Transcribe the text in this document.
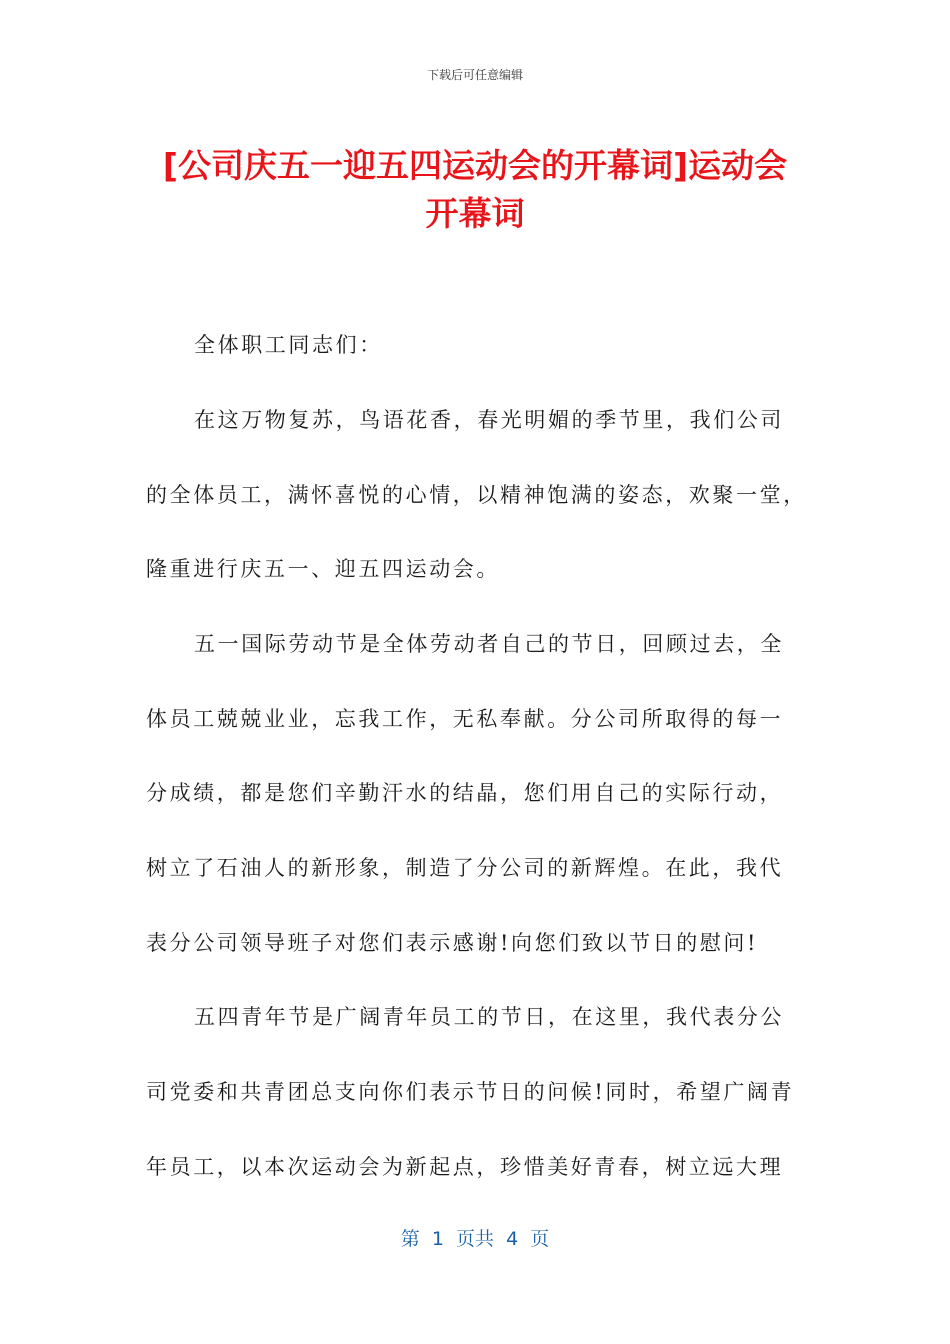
下载后可任意编辑
[公司庆五一迎五四运动会的开幕词]运动会
开幕词
全体职工同志们：
在这万物复苏，鸟语花香，春光明媚的季节里，我们公司
的全体员工，满怀喜悦的心情，以精神饱满的姿态，欢聚一堂，
隆重进行庆五一、迎五四运动会。
五一国际劳动节是全体劳动者自己的节日，回顾过去，全
体员工兢兢业业，忘我工作，无私奉献。分公司所取得的每一
分成绩，都是您们辛勤汗水的结晶，您们用自己的实际行动，
树立了石油人的新形象，制造了分公司的新辉煌。在此，我代
表分公司领导班子对您们表示感谢!向您们致以节日的慰问!
五四青年节是广阔青年员工的节日，在这里，我代表分公
司党委和共青团总支向你们表示节日的问候!同时，希望广阔青
年员工，以本次运动会为新起点，珍惜美好青春，树立远大理
第  1  页共  4  页
